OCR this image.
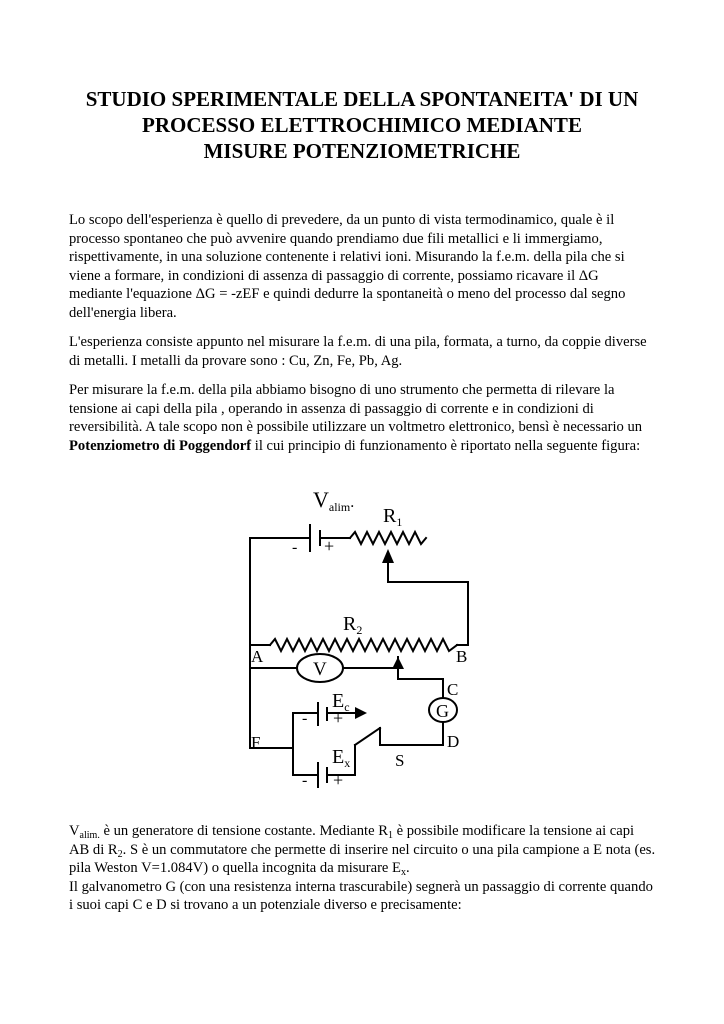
STUDIO SPERIMENTALE DELLA SPONTANEITA' DI UN
PROCESSO ELETTROCHIMICO MEDIANTE
MISURE POTENZIOMETRICHE

Lo scopo dell'esperienza è quello di prevedere, da un punto di vista termodinamico, quale è il
processo spontaneo che può avvenire quando prendiamo due fili metallici e li immergiamo,
rispettivamente, in una soluzione contenente i relativi ioni. Misurando la f.e.m. della pila che si
viene a formare, in condizioni di assenza di passaggio di corrente, possiamo ricavare il ΔG
mediante l'equazione ΔG = -zEF e quindi dedurre la spontaneità o meno del processo dal segno
dell'energia libera.

L'esperienza consiste appunto nel misurare la f.e.m. di una pila, formata, a turno, da coppie diverse
di metalli. I metalli da provare sono : Cu, Zn, Fe, Pb, Ag.

Per misurare la f.e.m. della pila abbiamo bisogno di uno strumento che permetta di rilevare la
tensione ai capi della pila , operando in assenza di passaggio di corrente e in condizioni di
reversibilità. A tale scopo non è possibile utilizzare un voltmetro elettronico, bensì è necessario un
Potenziometro di Poggendorf il cui principio di funzionamento è riportato nella seguente figura:

Valim.
$R_1$
- +
$R_2$
A	B
V
C
G
D
F
S
$E_c$
- +
$E_x$
- +

$V_{alim.}$ è un generatore di tensione costante. Mediante $R_1$ è possibile modificare la tensione ai capi
AB di $R_2$. S è un commutatore che permette di inserire nel circuito o una pila campione a E nota (es.
pila Weston V=1.084V) o quella incognita da misurare $E_x$.
Il galvanometro G (con una resistenza interna trascurabile) segnerà un passaggio di corrente quando
i suoi capi C e D si trovano a un potenziale diverso e precisamente:
